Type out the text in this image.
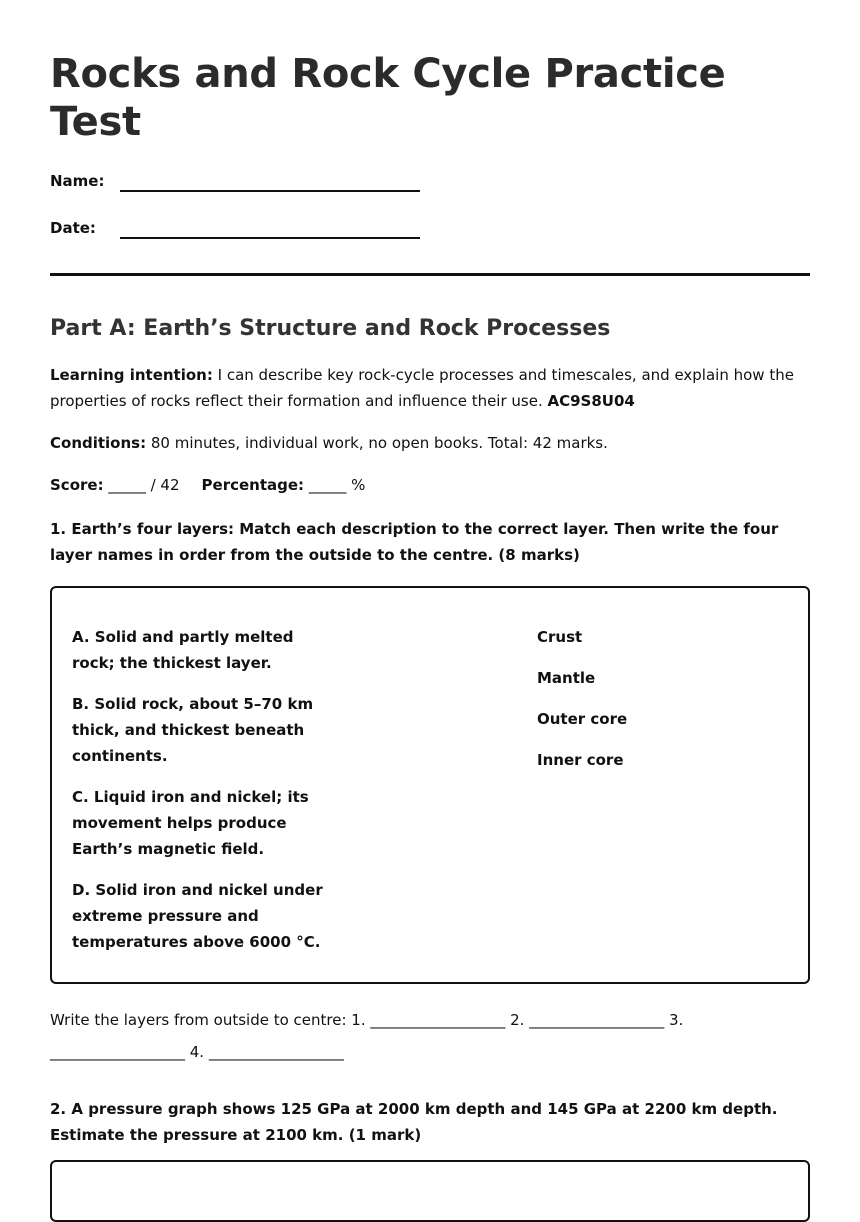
Rocks and Rock Cycle Practice Test
Name:
Date:
Part A: Earth’s Structure and Rock Processes

Learning intention: I can describe key rock-cycle processes and timescales, and explain how the properties of rocks reflect their formation and influence their use. AC9S8U04

Conditions: 80 minutes, individual work, no open books. Total: 42 marks.

Score: _____ / 42 Percentage: _____ %

1. Earth’s four layers: Match each description to the correct layer. Then write the four layer names in order from the outside to the centre. (8 marks)

A. Solid and partly melted rock; the thickest layer.

B. Solid rock, about 5–70 km thick, and thickest beneath continents.

C. Liquid iron and nickel; its movement helps produce Earth’s magnetic field.

D. Solid iron and nickel under extreme pressure and temperatures above 6000 °C.

Crust

Mantle

Outer core

Inner core

Write the layers from outside to centre: 1. __________________ 2. __________________ 3. __________________ 4. __________________

2. A pressure graph shows 125 GPa at 2000 km depth and 145 GPa at 2200 km depth. Estimate the pressure at 2100 km. (1 mark)
